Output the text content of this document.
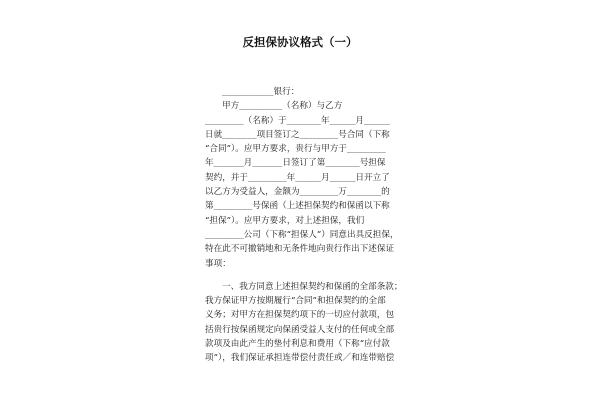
反担保协议格式（一）
____________银行：
甲方__________（名称）与乙方
_________（名称）于________年______月______
日就________项目签订之_________号合同（下称
“合同”）。应甲方要求，贵行与甲方于_________
年_______月_______日签订了第________号担保
契约，并于_________年______月______日开立了
以乙方为受益人，金额为_________万________的
第_________号保函（上述担保契约和保函以下称
“担保”）。应甲方要求，对上述担保，我们
_________公司（下称“担保人”）同意出具反担保，
特在此不可撤销地和无条件地向贵行作出下述保证
事项：
一、我方同意上述担保契约和保函的全部条款；
我方保证甲方按期履行“合同”和担保契约的全部
义务；对甲方在担保契约项下的一切应付款项，包
括贵行按保函规定向保函受益人支付的任何或全部
款项及由此产生的垫付利息和费用（下称“应付款
项”），我们保证承担连带偿付责任或／和连带赔偿
